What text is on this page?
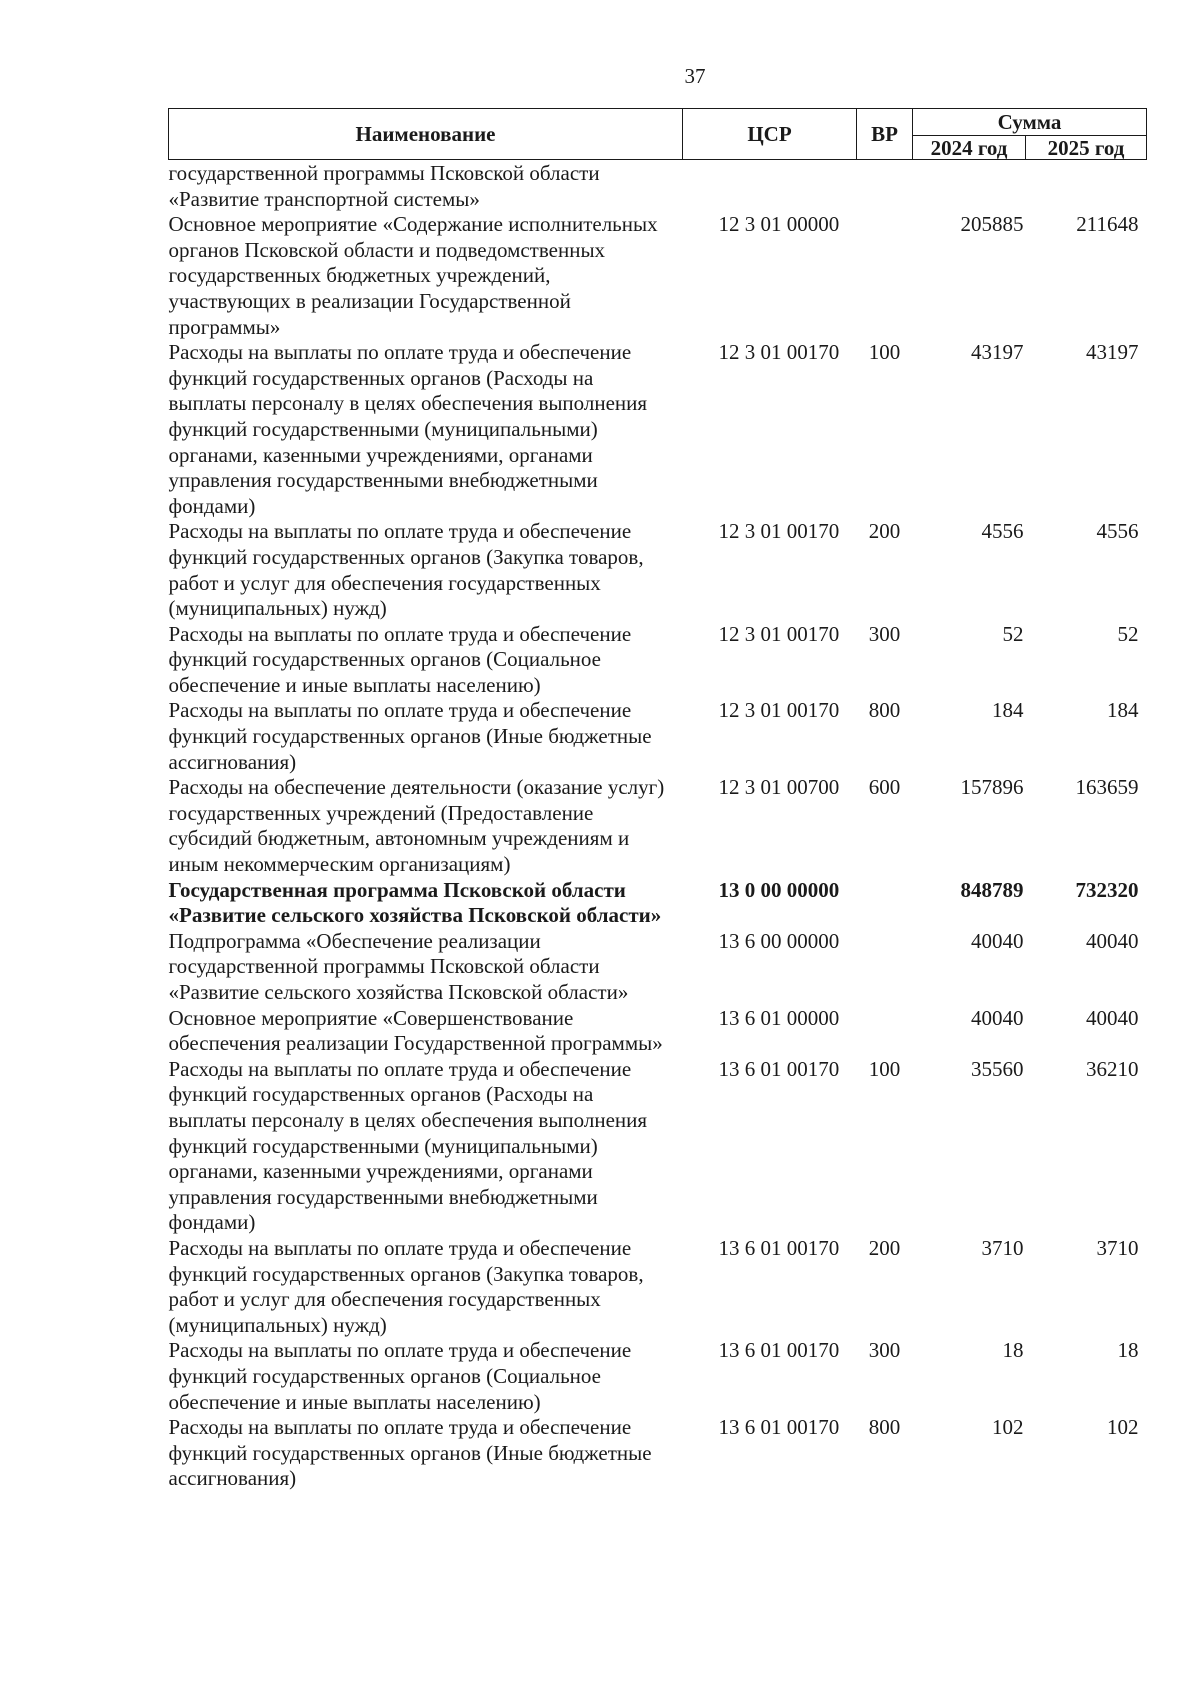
37
Наименование	ЦСР	ВР	Сумма	
			2024 год	2025 год
государственной программы Псковской области «Развитие транспортной системы»				
Основное мероприятие «Содержание исполнительных органов Псковской области и подведомственных государственных бюджетных учреждений, участвующих в реализации Государственной программы»	12 3 01 00000		205885	211648
Расходы на выплаты по оплате труда и обеспечение функций государственных органов (Расходы на выплаты персоналу в целях обеспечения выполнения функций государственными (муниципальными) органами, казенными учреждениями, органами управления государственными внебюджетными фондами)	12 3 01 00170	100	43197	43197
Расходы на выплаты по оплате труда и обеспечение функций государственных органов (Закупка товаров, работ и услуг для обеспечения государственных (муниципальных) нужд)	12 3 01 00170	200	4556	4556
Расходы на выплаты по оплате труда и обеспечение функций государственных органов (Социальное обеспечение и иные выплаты населению)	12 3 01 00170	300	52	52
Расходы на выплаты по оплате труда и обеспечение функций государственных органов (Иные бюджетные ассигнования)	12 3 01 00170	800	184	184
Расходы на обеспечение деятельности (оказание услуг) государственных учреждений (Предоставление субсидий бюджетным, автономным учреждениям и иным некоммерческим организациям)	12 3 01 00700	600	157896	163659
Государственная программа Псковской области «Развитие сельского хозяйства Псковской области»	13 0 00 00000		848789	732320
Подпрограмма «Обеспечение реализации государственной программы Псковской области «Развитие сельского хозяйства Псковской области»	13 6 00 00000		40040	40040
Основное мероприятие «Совершенствование обеспечения реализации Государственной программы»	13 6 01 00000		40040	40040
Расходы на выплаты по оплате труда и обеспечение функций государственных органов (Расходы на выплаты персоналу в целях обеспечения выполнения функций государственными (муниципальными) органами, казенными учреждениями, органами управления государственными внебюджетными фондами)	13 6 01 00170	100	35560	36210
Расходы на выплаты по оплате труда и обеспечение функций государственных органов (Закупка товаров, работ и услуг для обеспечения государственных (муниципальных) нужд)	13 6 01 00170	200	3710	3710
Расходы на выплаты по оплате труда и обеспечение функций государственных органов (Социальное обеспечение и иные выплаты населению)	13 6 01 00170	300	18	18
Расходы на выплаты по оплате труда и обеспечение функций государственных органов (Иные бюджетные ассигнования)	13 6 01 00170	800	102	102
